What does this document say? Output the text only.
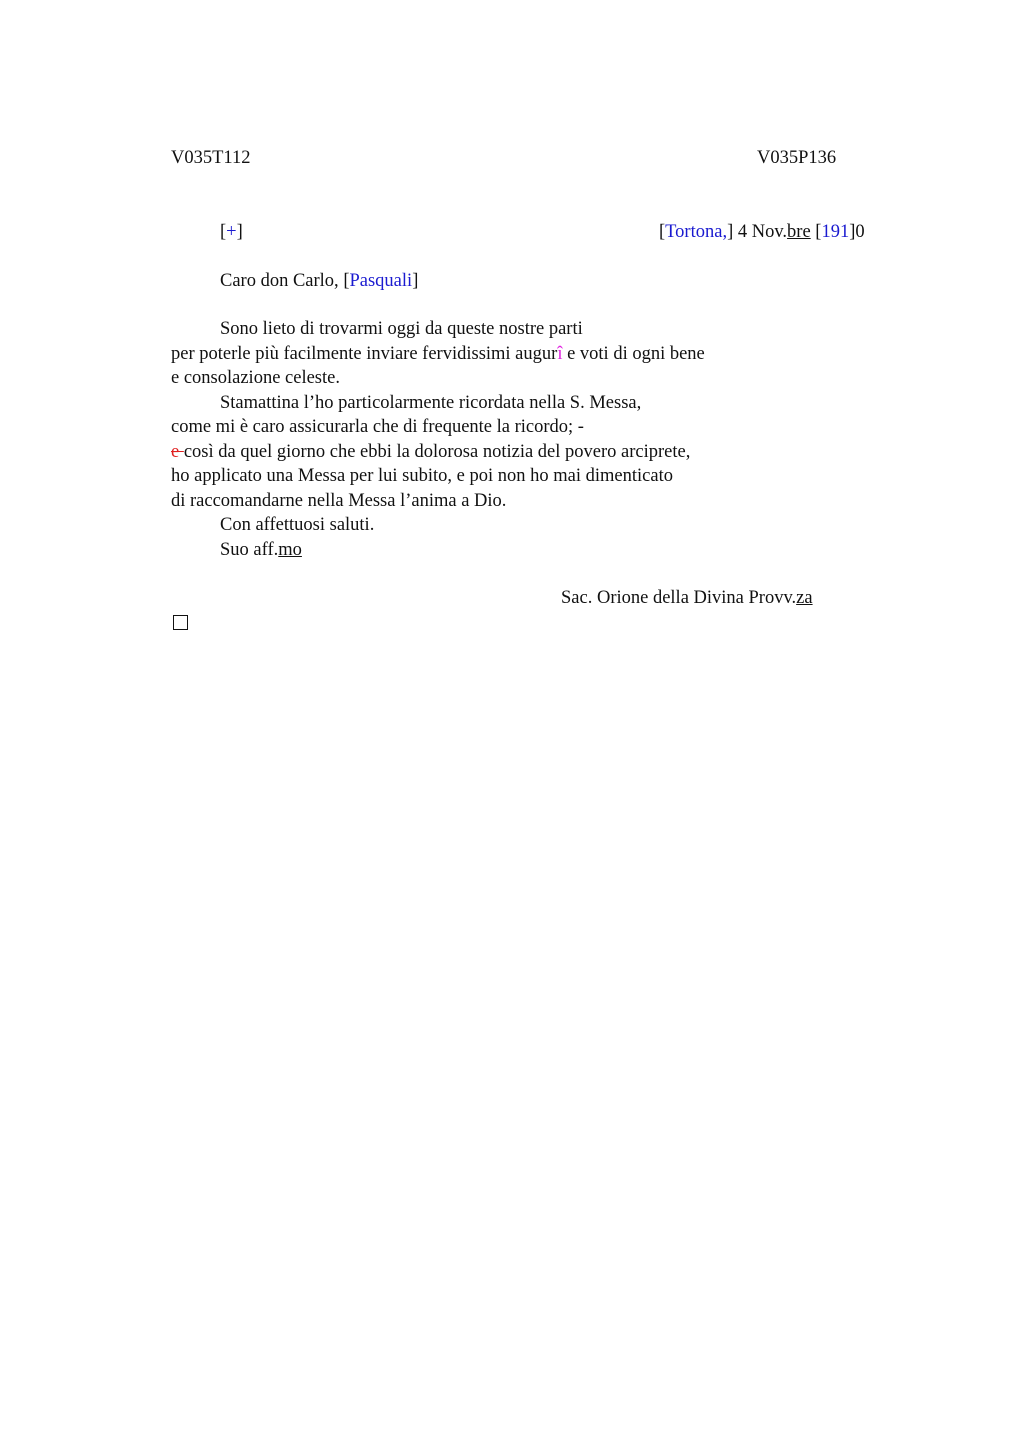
V035T112	V035P136
[+]	[Tortona,] 4 Nov.bre [191]0
Caro don Carlo, [Pasquali]
Sono lieto di trovarmi oggi da queste nostre parti
per poterle più facilmente inviare fervidissimi augurî e voti di ogni bene
e consolazione celeste.
Stamattina l’ho particolarmente ricordata nella S. Messa,
come mi è caro assicurarla che di frequente la ricordo; -
e così da quel giorno che ebbi la dolorosa notizia del povero arciprete,
ho applicato una Messa per lui subito, e poi non ho mai dimenticato
di raccomandarne nella Messa l’anima a Dio.
Con affettuosi saluti.
Suo aff.mo
Sac. Orione della Divina Provv.za
